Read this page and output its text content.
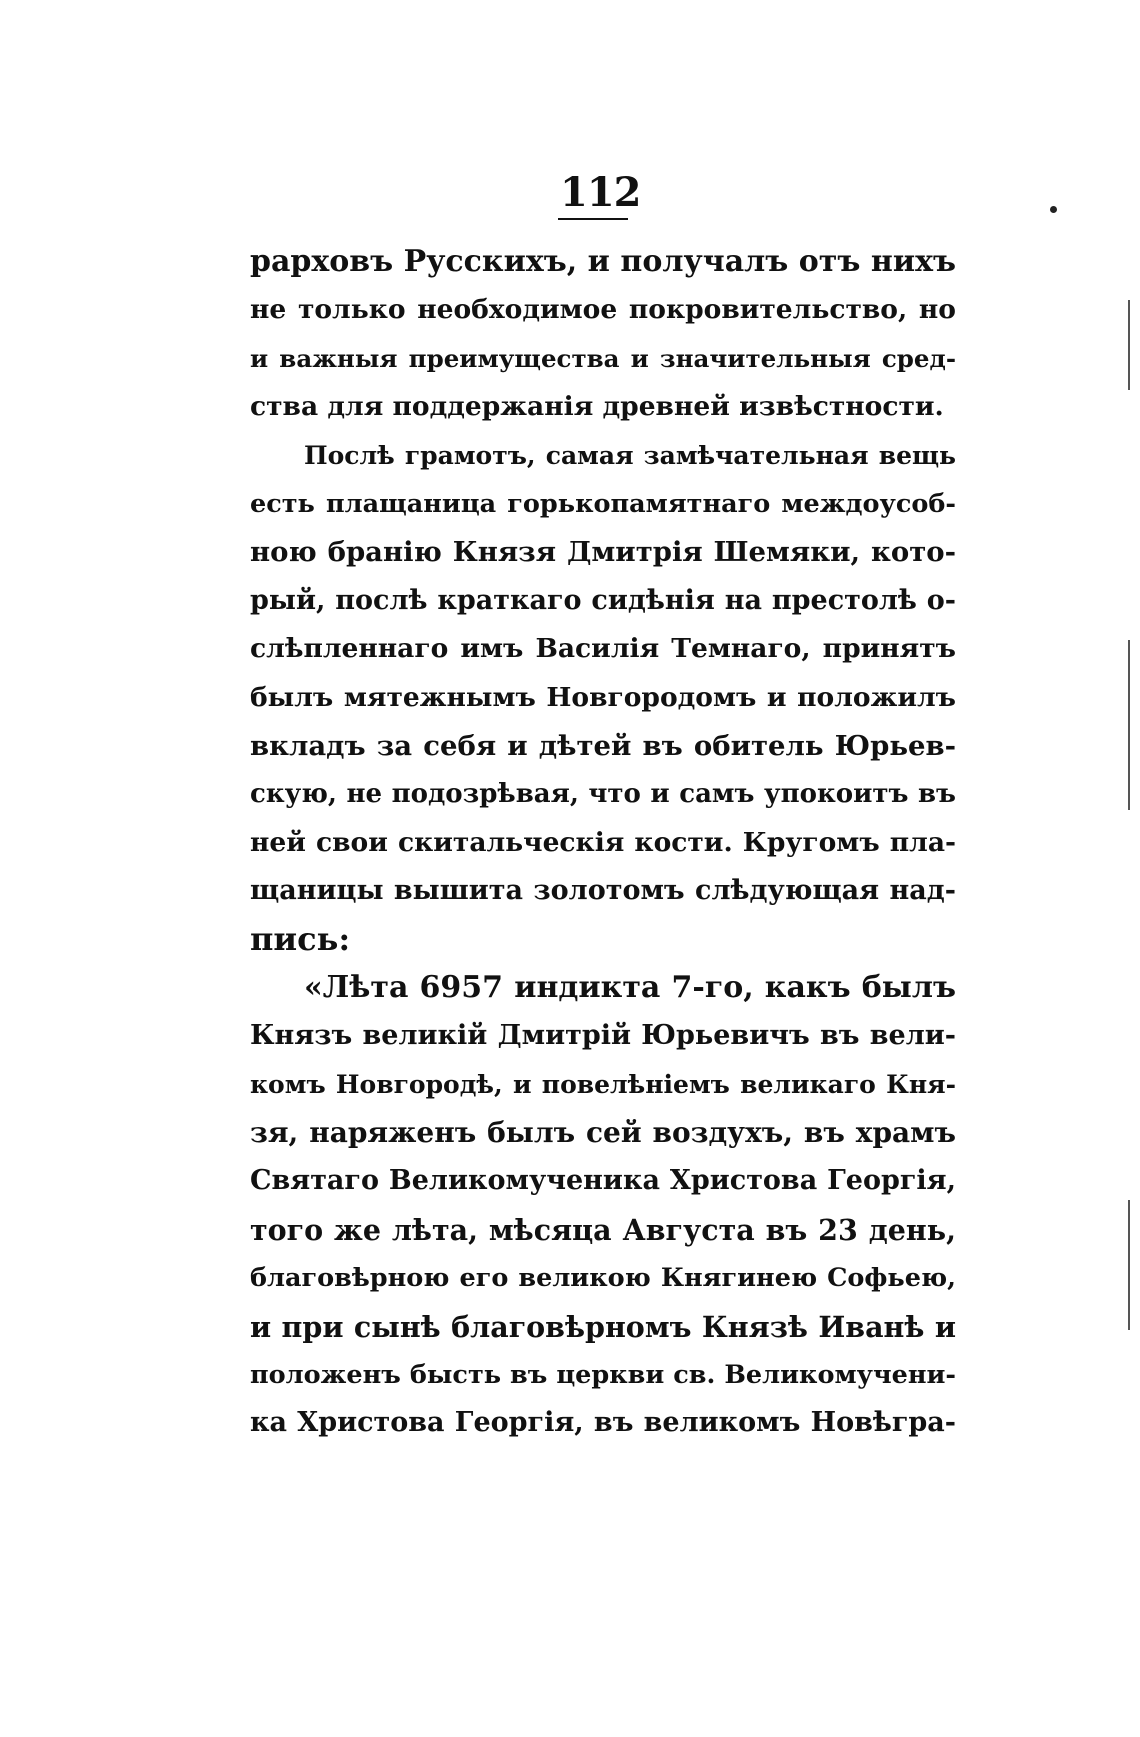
112
рарховъ Русскихъ, и получалъ отъ нихъ
не только необходимое покровительство, но
и важныя преимущества и значительныя сред-
ства для поддержанія древней извѣстности.
Послѣ грамотъ, самая замѣчательная вещь
есть плащаница горькопамятнаго междоусоб-
ною бранію Князя Дмитрія Шемяки, кото-
рый, послѣ краткаго сидѣнія на престолѣ о-
слѣпленнаго имъ Василія Темнаго, принятъ
былъ мятежнымъ Новгородомъ и положилъ
вкладъ за себя и дѣтей въ обитель Юрьев-
скую, не подозрѣвая, что и самъ упокоитъ въ
ней свои скитальческія кости. Кругомъ пла-
щаницы вышита золотомъ слѣдующая над-
пись:
«Лѣта 6957 индикта 7-го, какъ былъ
Князъ великій Дмитрій Юрьевичъ въ вели-
комъ Новгородѣ, и повелѣніемъ великаго Кня-
зя, наряженъ былъ сей воздухъ, въ храмъ
Святаго Великомученика Христова Георгія,
того же лѣта, мѣсяца Августа въ 23 день,
благовѣрною его великою Княгинею Софьею,
и при сынѣ благовѣрномъ Князѣ Иванѣ и
положенъ бысть въ церкви св. Великомучени-
ка Христова Георгія, въ великомъ Новѣгра-
